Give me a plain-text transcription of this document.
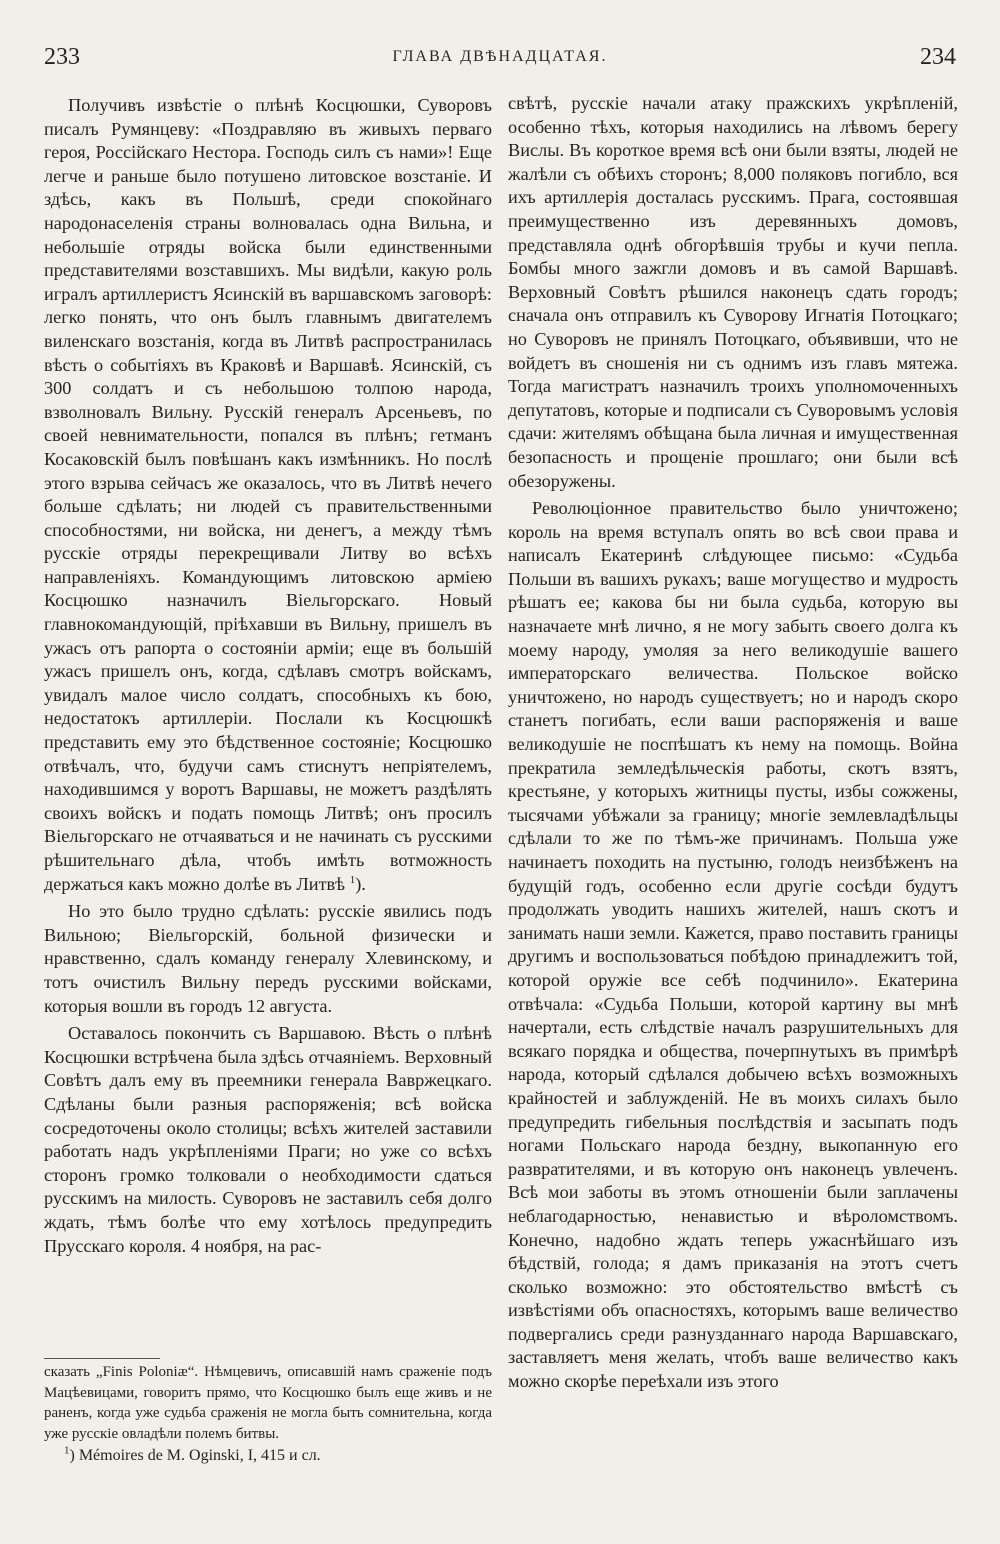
233	ГЛАВА ДВѢНАДЦАТАЯ.	234

Получивъ извѣстіе о плѣнѣ Косцюшки, Суворовъ писалъ Румянцеву: «Поздравляю въ живыхъ перваго героя, Россійскаго Нестора. Господь силъ съ нами»! Еще легче и раньше было потушено литовское возстаніе. И здѣсь, какъ въ Польшѣ, среди спокойнаго народонаселенія страны волновалась одна Вильна, и небольшіе отряды войска были единственными представителями возставшихъ. Мы видѣли, какую роль игралъ артиллеристъ Ясинскій въ варшавскомъ заговорѣ: легко понять, что онъ былъ главнымъ двигателемъ виленскаго возстанія, когда въ Литвѣ распространилась вѣсть о событіяхъ въ Краковѣ и Варшавѣ. Ясинскій, съ 300 солдатъ и съ небольшою толпою народа, взволновалъ Вильну. Русскій генералъ Арсеньевъ, по своей невнимательности, попался въ плѣнъ; гетманъ Косаковскій былъ повѣшанъ какъ измѣнникъ. Но послѣ этого взрыва сейчасъ же оказалось, что въ Литвѣ нечего больше сдѣлать; ни людей съ правительственными способностями, ни войска, ни денегъ, а между тѣмъ русскіе отряды перекрещивали Литву во всѣхъ направленіяхъ. Командующимъ литовскою арміею Косцюшко назначилъ Віельгорскаго. Новый главнокомандующій, пріѣхавши въ Вильну, пришелъ въ ужасъ отъ рапорта о состояніи арміи; еще въ большій ужасъ пришелъ онъ, когда, сдѣлавъ смотръ войскамъ, увидалъ малое число солдатъ, способныхъ къ бою, недостатокъ артиллеріи. Послали къ Косцюшкѣ представить ему это бѣдственное состояніе; Косцюшко отвѣчалъ, что, будучи самъ стиснутъ непріятелемъ, находившимся у воротъ Варшавы, не можетъ раздѣлять своихъ войскъ и подать помощь Литвѣ; онъ просилъ Віельгорскаго не отчаяваться и не начинать съ русскими рѣшительнаго дѣла, чтобъ имѣть вотможность держаться какъ можно долѣе въ Литвѣ $^1$).

Но это было трудно сдѣлать: русскіе явились подъ Вильною; Віельгорскій, больной физически и нравственно, сдалъ команду генералу Хлевинскому, и тотъ очистилъ Вильну передъ русскими войсками, которыя вошли въ городъ 12 августа.

Оставалось покончить съ Варшавою. Вѣсть о плѣнѣ Косцюшки встрѣчена была здѣсь отчаяніемъ. Верховный Совѣтъ далъ ему въ преемники генерала Вавржецкаго. Сдѣланы были разныя распоряженія; всѣ войска сосредоточены около столицы; всѣхъ жителей заставили работать надъ укрѣпленіями Праги; но уже со всѣхъ сторонъ громко толковали о необходимости сдаться русскимъ на милость. Суворовъ не заставилъ себя долго ждать, тѣмъ болѣе что ему хотѣлось предупредить Прусскаго короля. 4 ноября, на рас-

сказать „Finis Poloniæ“. Нѣмцевичъ, описавшій намъ сраженіе подъ Мацѣевицами, говоритъ прямо, что Косцюшко былъ еще живъ и не раненъ, когда уже судьба сраженія не могла быть сомнительна, когда уже русскіе овладѣли полемъ битвы.

$^1$) Mémoires de M. Oginski, I, 415 и сл.

свѣтѣ, русскіе начали атаку пражскихъ укрѣпленій, особенно тѣхъ, которыя находились на лѣвомъ берегу Вислы. Въ короткое время всѣ они были взяты, людей не жалѣли съ обѣихъ сторонъ; 8,000 поляковъ погибло, вся ихъ артиллерія досталась русскимъ. Прага, состоявшая преимущественно изъ деревянныхъ домовъ, представляла однѣ обгорѣвшія трубы и кучи пепла. Бомбы много зажгли домовъ и въ самой Варшавѣ. Верховный Совѣтъ рѣшился наконецъ сдать городъ; сначала онъ отправилъ къ Суворову Игнатія Потоцкаго; но Суворовъ не принялъ Потоцкаго, объявивши, что не войдетъ въ сношенія ни съ однимъ изъ главъ мятежа. Тогда магистратъ назначилъ троихъ уполномоченныхъ депутатовъ, которые и подписали съ Суворовымъ условія сдачи: жителямъ обѣщана была личная и имущественная безопасность и прощеніе прошлаго; они были всѣ обезоружены.

Революціонное правительство было уничтожено; король на время вступалъ опять во всѣ свои права и написалъ Екатеринѣ слѣдующее письмо: «Судьба Польши въ вашихъ рукахъ; ваше могущество и мудрость рѣшатъ ее; какова бы ни была судьба, которую вы назначаете мнѣ лично, я не могу забыть своего долга къ моему народу, умоляя за него великодушіе вашего императорскаго величества. Польское войско уничтожено, но народъ существуетъ; но и народъ скоро станетъ погибать, если ваши распоряженія и ваше великодушіе не поспѣшатъ къ нему на помощь. Война прекратила земледѣльческія работы, скотъ взятъ, крестьяне, у которыхъ житницы пусты, избы сожжены, тысячами убѣжали за границу; многіе землевладѣльцы сдѣлали то же по тѣмъ-же причинамъ. Польша уже начинаетъ походить на пустыню, голодъ неизбѣженъ на будущій годъ, особенно если другіе сосѣди будутъ продолжать уводить нашихъ жителей, нашъ скотъ и занимать наши земли. Кажется, право поставить границы другимъ и воспользоваться побѣдою принадлежитъ той, которой оружіе все себѣ подчинило». Екатерина отвѣчала: «Судьба Польши, которой картину вы мнѣ начертали, есть слѣдствіе началъ разрушительныхъ для всякаго порядка и общества, почерпнутыхъ въ примѣрѣ народа, который сдѣлался добычею всѣхъ возможныхъ крайностей и заблужденій. Не въ моихъ силахъ было предупредить гибельныя послѣдствія и засыпать подъ ногами Польскаго народа бездну, выкопанную его развратителями, и въ которую онъ наконецъ увлеченъ. Всѣ мои заботы въ этомъ отношеніи были заплачены неблагодарностью, ненавистью и вѣроломствомъ. Конечно, надобно ждать теперь ужаснѣйшаго изъ бѣдствій, голода; я дамъ приказанія на этотъ счетъ сколько возможно: это обстоятельство вмѣстѣ съ извѣстіями объ опасностяхъ, которымъ ваше величество подвергались среди разнузданнаго народа Варшавскаго, заставляетъ меня желать, чтобъ ваше величество какъ можно скорѣе переѣхали изъ этого
